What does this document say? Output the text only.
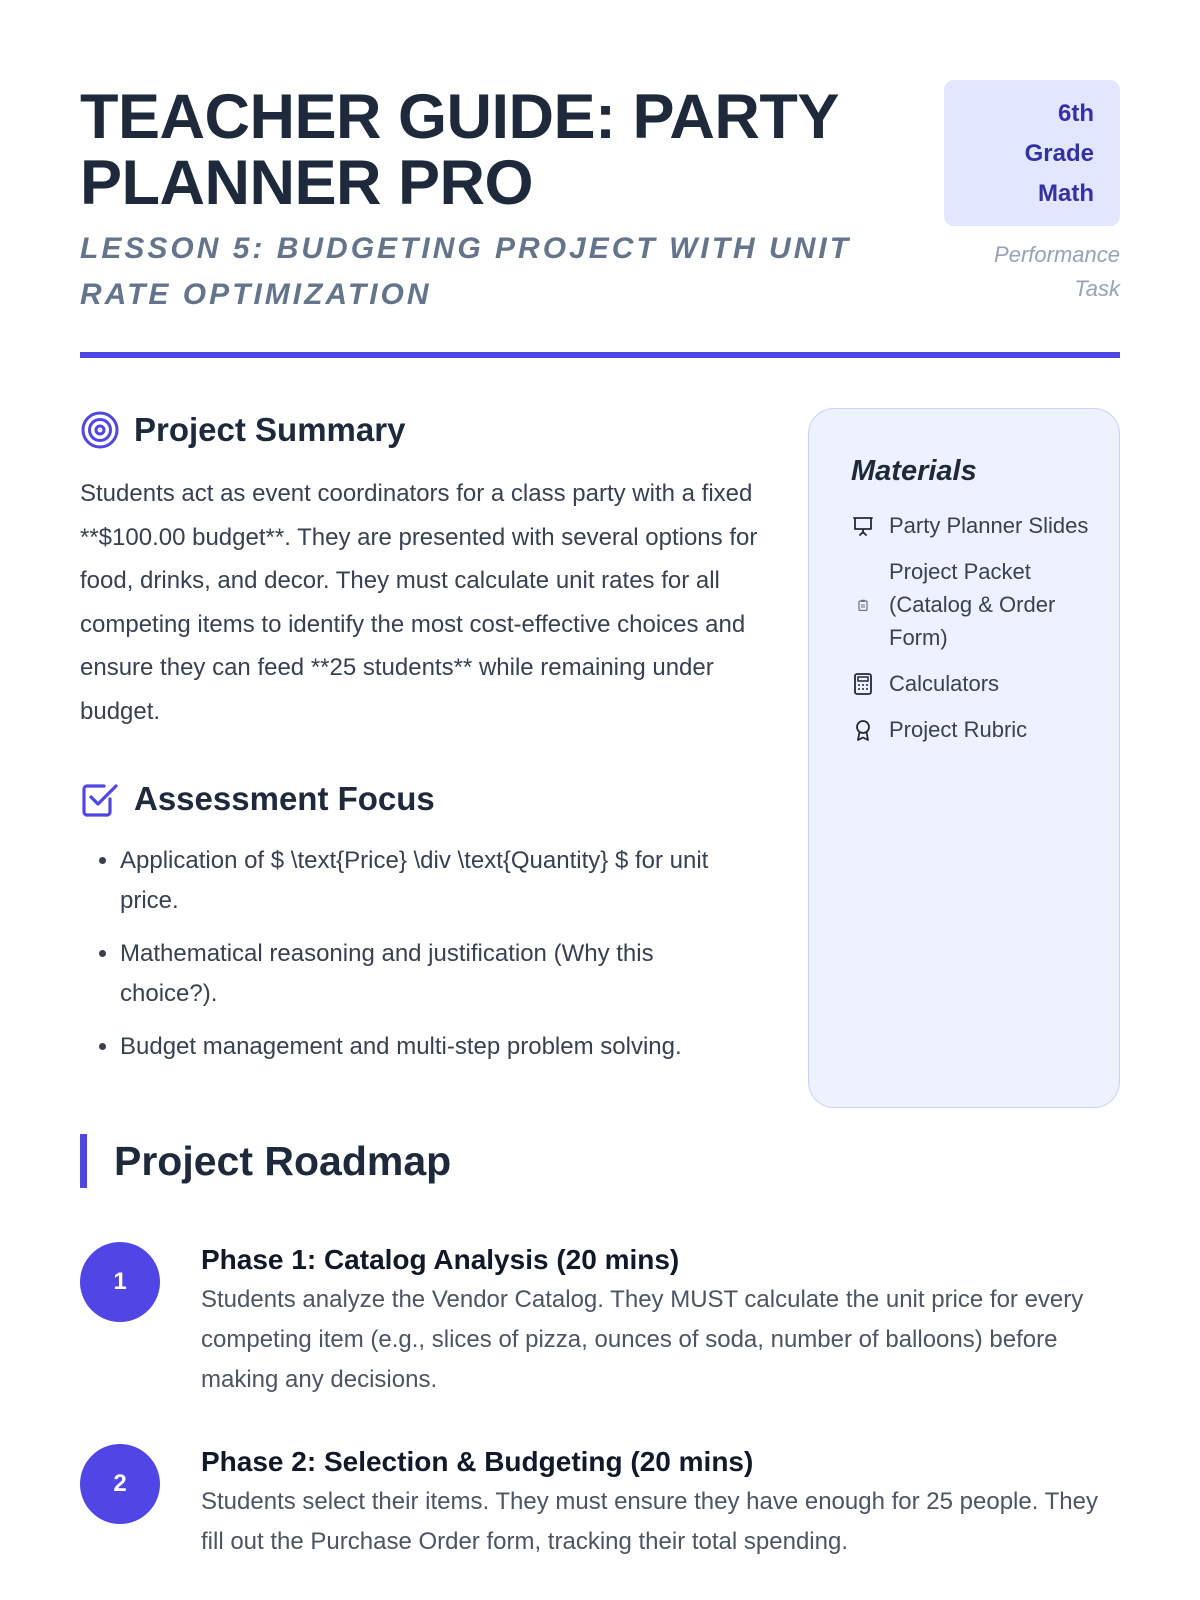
TEACHER GUIDE: PARTY PLANNER PRO
6th
Grade
Math
LESSON 5: BUDGETING PROJECT WITH UNIT RATE OPTIMIZATION
Performance
Task
Project Summary

Students act as event coordinators for a class party with a fixed **$100.00 budget**. They are presented with several options for food, drinks, and decor. They must calculate unit rates for all competing items to identify the most cost-effective choices and ensure they can feed **25 students** while remaining under budget.

Assessment Focus
• Application of $ \text{Price} \div \text{Quantity} $ for unit price.
• Mathematical reasoning and justification (Why this choice?).
• Budget management and multi-step problem solving.
Materials
Party Planner Slides
Project Packet (Catalog & Order Form)
Calculators
Project Rubric
Project Roadmap
1
Phase 1: Catalog Analysis (20 mins)

Students analyze the Vendor Catalog. They MUST calculate the unit price for every competing item (e.g., slices of pizza, ounces of soda, number of balloons) before making any decisions.

2
Phase 2: Selection & Budgeting (20 mins)

Students select their items. They must ensure they have enough for 25 people. They fill out the Purchase Order form, tracking their total spending.
